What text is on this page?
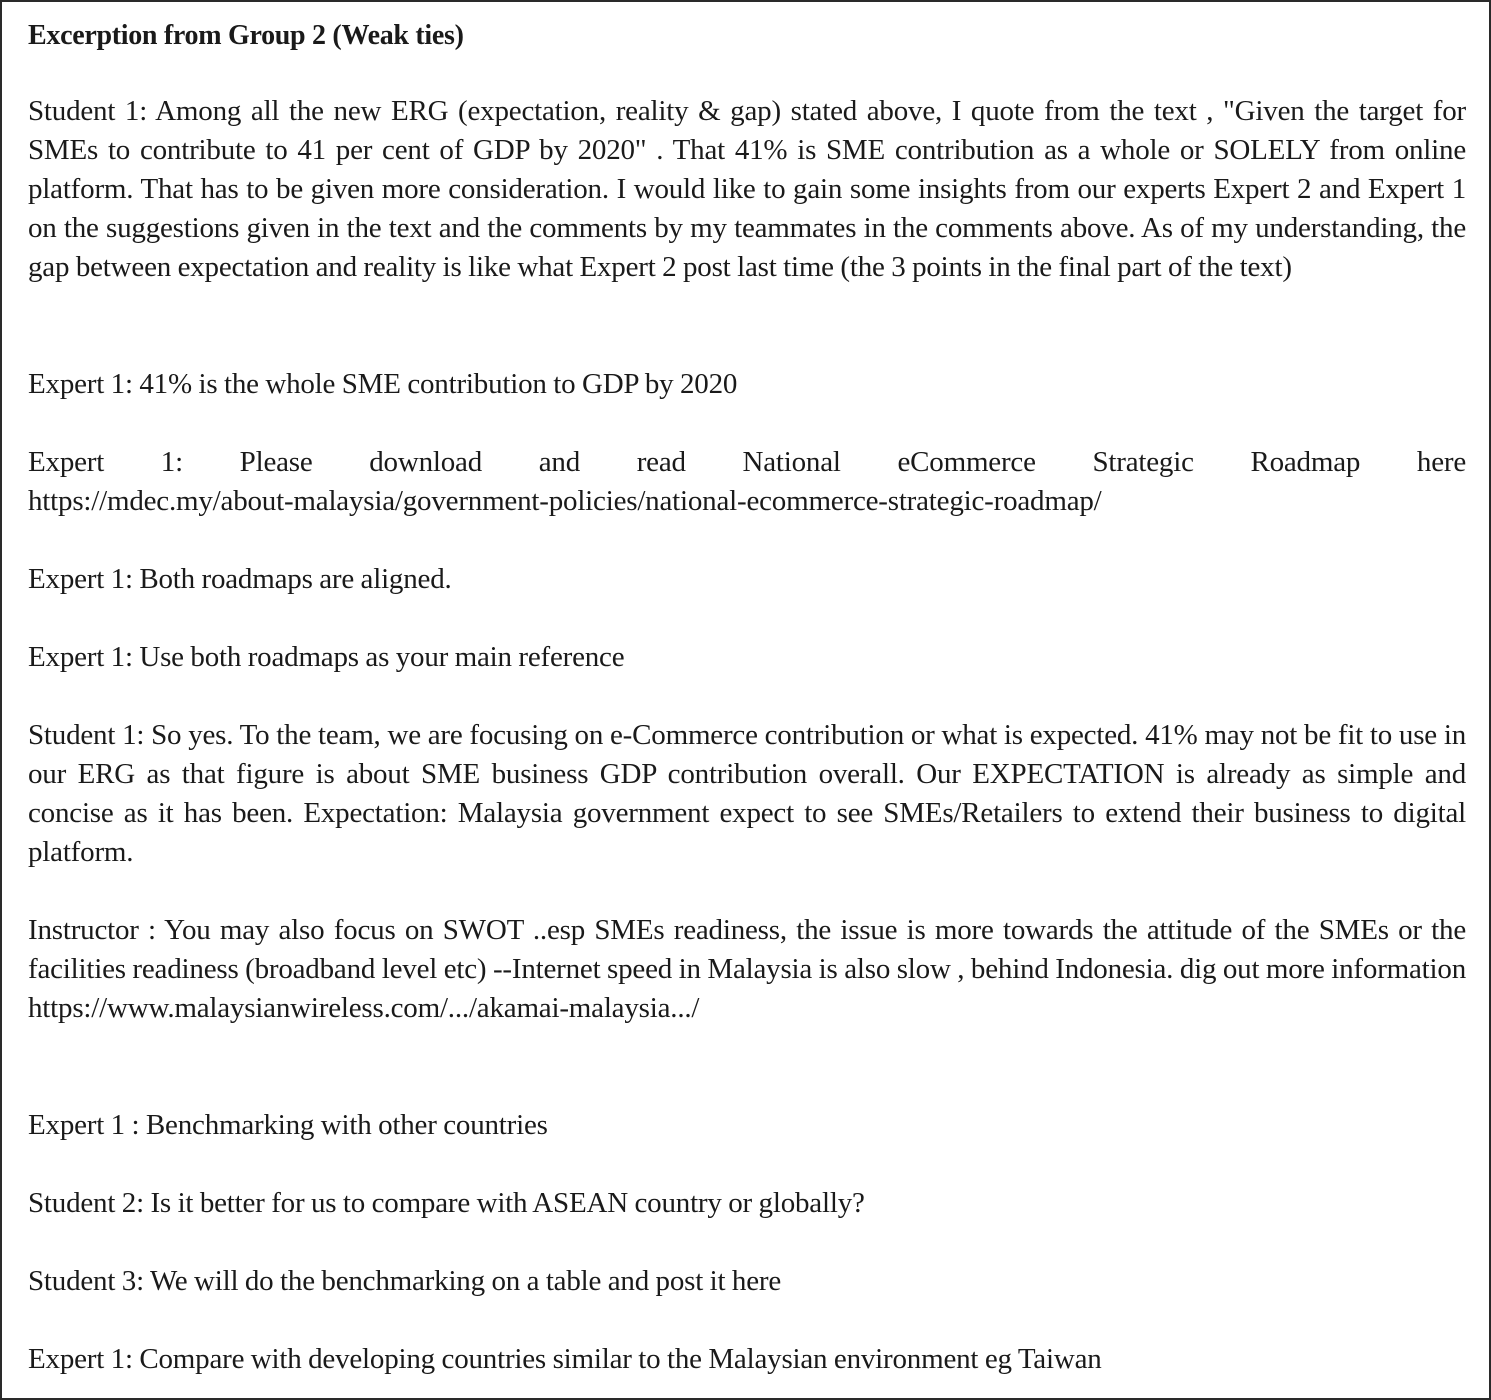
Excerption from Group 2 (Weak ties)
Student 1: Among all the new ERG (expectation, reality & gap) stated above, I quote from the text , "Given the target for SMEs to contribute to 41 per cent of GDP by 2020" . That 41% is SME contribution as a whole or SOLELY from online platform. That has to be given more consideration. I would like to gain some insights from our experts Expert 2 and Expert 1 on the suggestions given in the text and the comments by my teammates in the comments above. As of my understanding, the gap between expectation and reality is like what Expert 2 post last time (the 3 points in the final part of the text)
Expert 1: 41% is the whole SME contribution to GDP by 2020
Expert 1: Please download and read National eCommerce Strategic Roadmap here
https://mdec.my/about-malaysia/government-policies/national-ecommerce-strategic-roadmap/
Expert 1: Both roadmaps are aligned.
Expert 1: Use both roadmaps as your main reference
Student 1: So yes. To the team, we are focusing on e-Commerce contribution or what is expected. 41% may not be fit to use in our ERG as that figure is about SME business GDP contribution overall. Our EXPECTATION is already as simple and concise as it has been. Expectation: Malaysia government expect to see SMEs/Retailers to extend their business to digital platform.
Instructor : You may also focus on SWOT ..esp SMEs readiness, the issue is more towards the attitude of the SMEs or the facilities readiness (broadband level etc) --Internet speed in Malaysia is also slow , behind Indonesia. dig out more information https://www.malaysianwireless.com/.../akamai-malaysia.../
Expert 1 : Benchmarking with other countries
Student 2: Is it better for us to compare with ASEAN country or globally?
Student 3: We will do the benchmarking on a table and post it here
Expert 1: Compare with developing countries similar to the Malaysian environment eg Taiwan
